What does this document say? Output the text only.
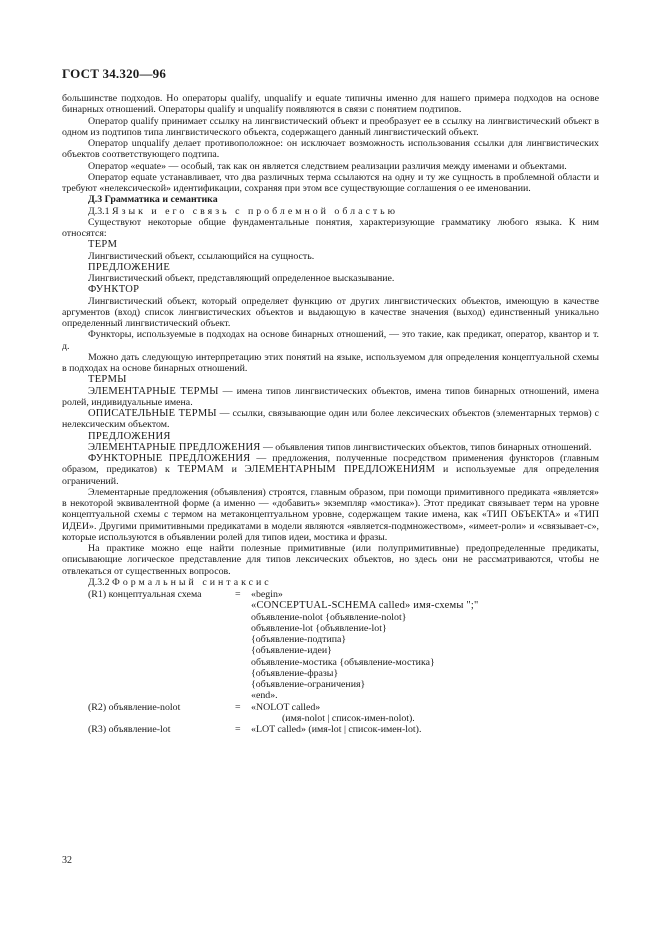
ГОСТ 34.320—96

большинстве подходов. Но операторы qualify, unqualify и equate типичны именно для нашего примера подходов на основе бинарных отношений. Операторы qualify и unqualify появляются в связи с понятием подтипов.

Оператор qualify принимает ссылку на лингвистический объект и преобразует ее в ссылку на лингвистический объект в одном из подтипов типа лингвистического объекта, содержащего данный лингвистический объект.

Оператор unqualify делает противоположное: он исключает возможность использования ссылки для лингвистических объектов соответствующего подтипа.

Оператор «equate» — особый, так как он является следствием реализации различия между именами и объектами.

Оператор equate устанавливает, что два различных терма ссылаются на одну и ту же сущность в проблемной области и требуют «нелексической» идентификации, сохраняя при этом все существующие соглашения о ее именовании.

Д.3 Грамматика и семантика

Д.3.1 Язык и его связь с проблемной областью

Существуют некоторые общие фундаментальные понятия, характеризующие грамматику любого языка. К ним относятся:

ТЕРМ

Лингвистический объект, ссылающийся на сущность.

ПРЕДЛОЖЕНИЕ

Лингвистический объект, представляющий определенное высказывание.

ФУНКТОР

Лингвистический объект, который определяет функцию от других лингвистических объектов, имеющую в качестве аргументов (вход) список лингвистических объектов и выдающую в качестве значения (выход) единственный уникально определенный лингвистический объект.

Функторы, используемые в подходах на основе бинарных отношений, — это такие, как предикат, оператор, квантор и т. д.

Можно дать следующую интерпретацию этих понятий на языке, используемом для определения концептуальной схемы в подходах на основе бинарных отношений.

ТЕРМЫ

ЭЛЕМЕНТАРНЫЕ ТЕРМЫ — имена типов лингвистических объектов, имена типов бинарных отношений, имена ролей, индивидуальные имена.

ОПИСАТЕЛЬНЫЕ ТЕРМЫ — ссылки, связывающие один или более лексических объектов (элементарных термов) с нелексическим объектом.

ПРЕДЛОЖЕНИЯ

ЭЛЕМЕНТАРНЫЕ ПРЕДЛОЖЕНИЯ — объявления типов лингвистических объектов, типов бинарных отношений.

ФУНКТОРНЫЕ ПРЕДЛОЖЕНИЯ — предложения, полученные посредством применения функторов (главным образом, предикатов) к ТЕРМАМ и ЭЛЕМЕНТАРНЫМ ПРЕДЛОЖЕНИЯМ и используемые для определения ограничений.

Элементарные предложения (объявления) строятся, главным образом, при помощи примитивного предиката «является» в некоторой эквивалентной форме (а именно — «добавить» экземпляр «мостика»). Этот предикат связывает терм на уровне концептуальной схемы с термом на метаконцептуальном уровне, содержащем такие имена, как «ТИП ОБЪЕКТА» и «ТИП ИДЕИ». Другими примитивными предикатами в модели являются «является-подмножеством», «имеет-роли» и «связывает-с», которые используются в объявлении ролей для типов идеи, мостика и фразы.

На практике можно еще найти полезные примитивные (или полупримитивные) предопределенные предикаты, описывающие логическое представление для типов лексических объектов, но здесь они не рассматриваются, чтобы не отвлекаться от существенных вопросов.

Д.3.2 Формальный синтаксис

(R1) концептуальная схема	=	«begin»
«CONCEPTUAL-SCHEMA called» имя-схемы ";"
объявление-nolot {объявление-nolot}
объявление-lot {объявление-lot}
{объявление-подтипа}
{объявление-идеи}
объявление-мостика {объявление-мостика}
{объявление-фразы}
{объявление-ограничения}
«end».
(R2) объявление-nolot	=	«NOLOT called»
(имя-nolot | список-имен-nolot).
(R3) объявление-lot	=	«LOT called» (имя-lot | список-имен-lot).
32
